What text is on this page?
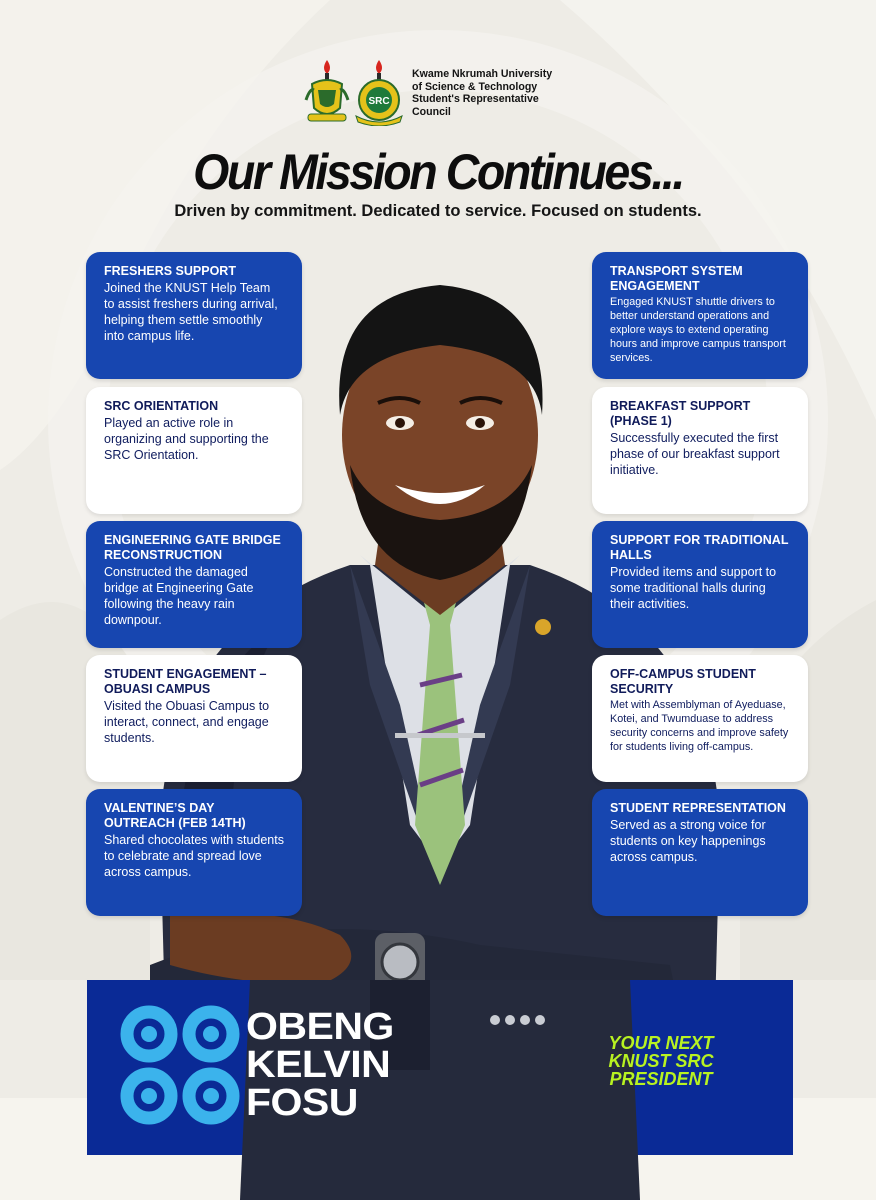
SRC
Kwame Nkrumah University
of Science & Technology
Student's Representative
Council
Our Mission Continues...
Driven by commitment. Dedicated to service. Focused on students.
FRESHERS SUPPORT
Joined the KNUST Help Team to assist freshers during arrival, helping them settle smoothly into campus life.
SRC ORIENTATION
Played an active role in organizing and supporting the SRC Orientation.
ENGINEERING GATE BRIDGE RECONSTRUCTION
Constructed the damaged bridge at Engineering Gate following the heavy rain downpour.
STUDENT ENGAGEMENT – OBUASI CAMPUS
Visited the Obuasi Campus to interact, connect, and engage students.
VALENTINE’S DAY OUTREACH (FEB 14TH)
Shared chocolates with students to celebrate and spread love across campus.
TRANSPORT SYSTEM ENGAGEMENT
Engaged KNUST shuttle drivers to better understand operations and explore ways to extend operating hours and improve campus transport services.
BREAKFAST SUPPORT (PHASE 1)
Successfully executed the first phase of our breakfast support initiative.
SUPPORT FOR TRADITIONAL HALLS
Provided items and support to some traditional halls during their activities.
OFF-CAMPUS STUDENT SECURITY
Met with Assemblyman of Ayeduase, Kotei, and Twumduase to address security concerns and improve safety for students living off-campus.
STUDENT REPRESENTATION
Served as a strong voice for students on key happenings across campus.
OBENG
KELVIN
FOSU
YOUR NEXT
KNUST SRC
PRESIDENT
